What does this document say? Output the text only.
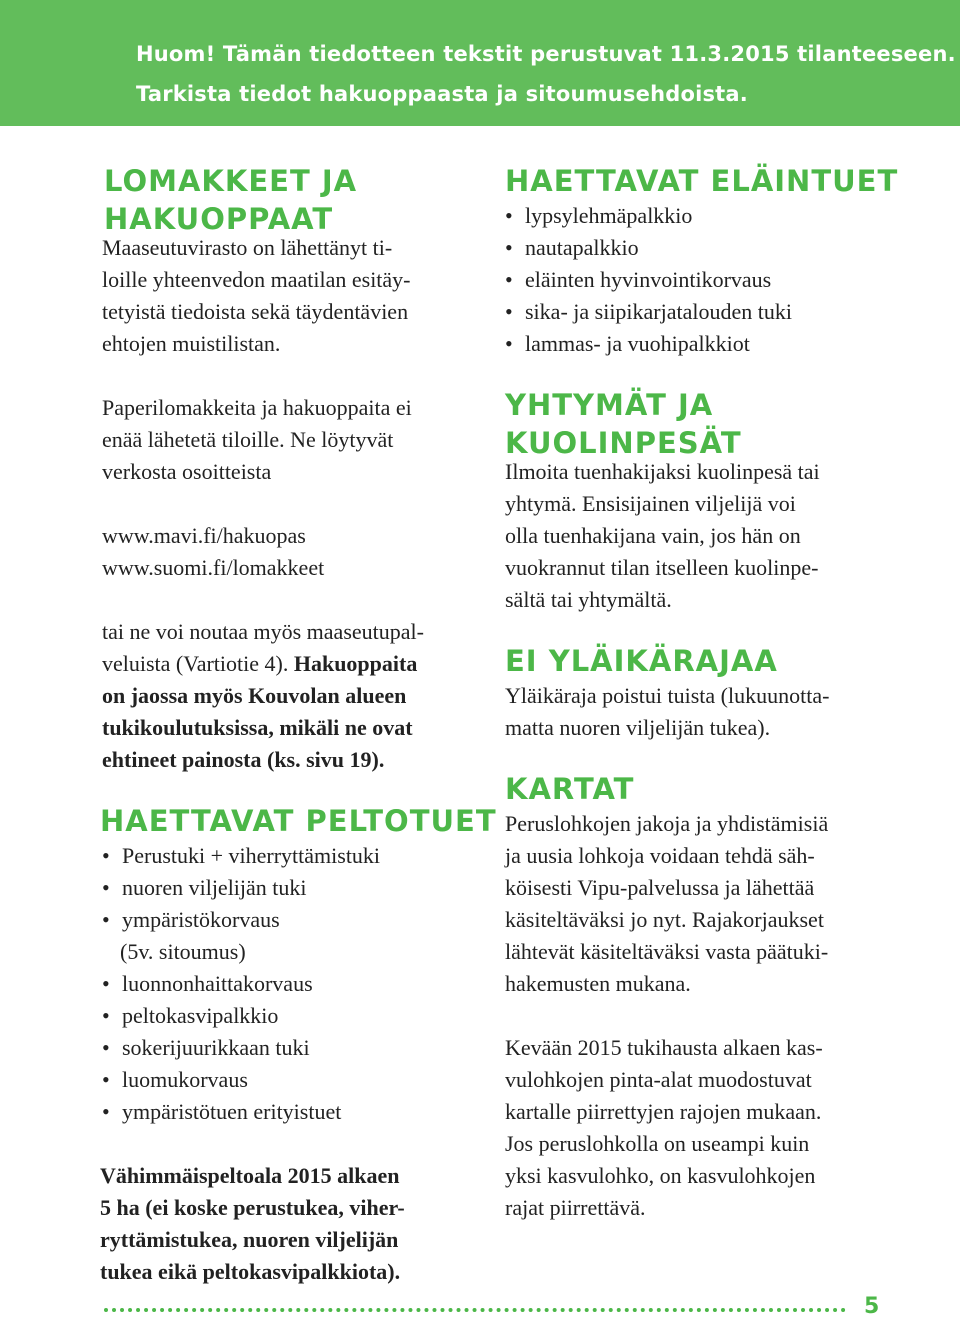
Huom! Tämän tiedotteen tekstit perustuvat 11.3.2015 tilanteeseen.
Tarkista tiedot hakuoppaasta ja sitoumusehdoista.
LOMAKKEET JA
HAKUOPPAAT

Maaseutuvirasto on lähettänyt ti-

loille yhteenvedon maatilan esitäy-

tetyistä tiedoista sekä täydentävien

ehtojen muistilistan.

Paperilomakkeita ja hakuoppaita ei

enää lähetetä tiloille. Ne löytyvät

verkosta osoitteista

www.mavi.fi/hakuopas

www.suomi.fi/lomakkeet

tai ne voi noutaa myös maaseutupal-

veluista (Vartiotie 4). Hakuoppaita

on jaossa myös Kouvolan alueen

tukikoulutuksissa, mikäli ne ovat

ehtineet painosta (ks. sivu 19).

HAETTAVAT PELTOTUET
• Perustuki + viherryttämistuki
• nuoren viljelijän tuki
• ympäristökorvaus
(5v. sitoumus)
• luonnonhaittakorvaus
• peltokasvipalkkio
• sokerijuurikkaan tuki
• luomukorvaus
• ympäristötuen erityistuet

Vähimmäispeltoala 2015 alkaen

5 ha (ei koske perustukea, viher-

ryttämistukea, nuoren viljelijän

tukea eikä peltokasvipalkkiota).

HAETTAVAT ELÄINTUET
• lypsylehmäpalkkio
• nautapalkkio
• eläinten hyvinvointikorvaus
• sika- ja siipikarjatalouden tuki
• lammas- ja vuohipalkkiot
YHTYMÄT JA
KUOLINPESÄT

Ilmoita tuenhakijaksi kuolinpesä tai

yhtymä. Ensisijainen viljelijä voi

olla tuenhakijana vain, jos hän on

vuokrannut tilan itselleen kuolinpe-

sältä tai yhtymältä.

EI YLÄIKÄRAJAA

Yläikäraja poistui tuista (lukuunotta-

matta nuoren viljelijän tukea).

KARTAT

Peruslohkojen jakoja ja yhdistämisiä

ja uusia lohkoja voidaan tehdä säh-

köisesti Vipu-palvelussa ja lähettää

käsiteltäväksi jo nyt. Rajakorjaukset

lähtevät käsiteltäväksi vasta päätuki-

hakemusten mukana.

Kevään 2015 tukihausta alkaen kas-

vulohkojen pinta-alat muodostuvat

kartalle piirrettyjen rajojen mukaan.

Jos peruslohkolla on useampi kuin

yksi kasvulohko, on kasvulohkojen

rajat piirrettävä.

5
